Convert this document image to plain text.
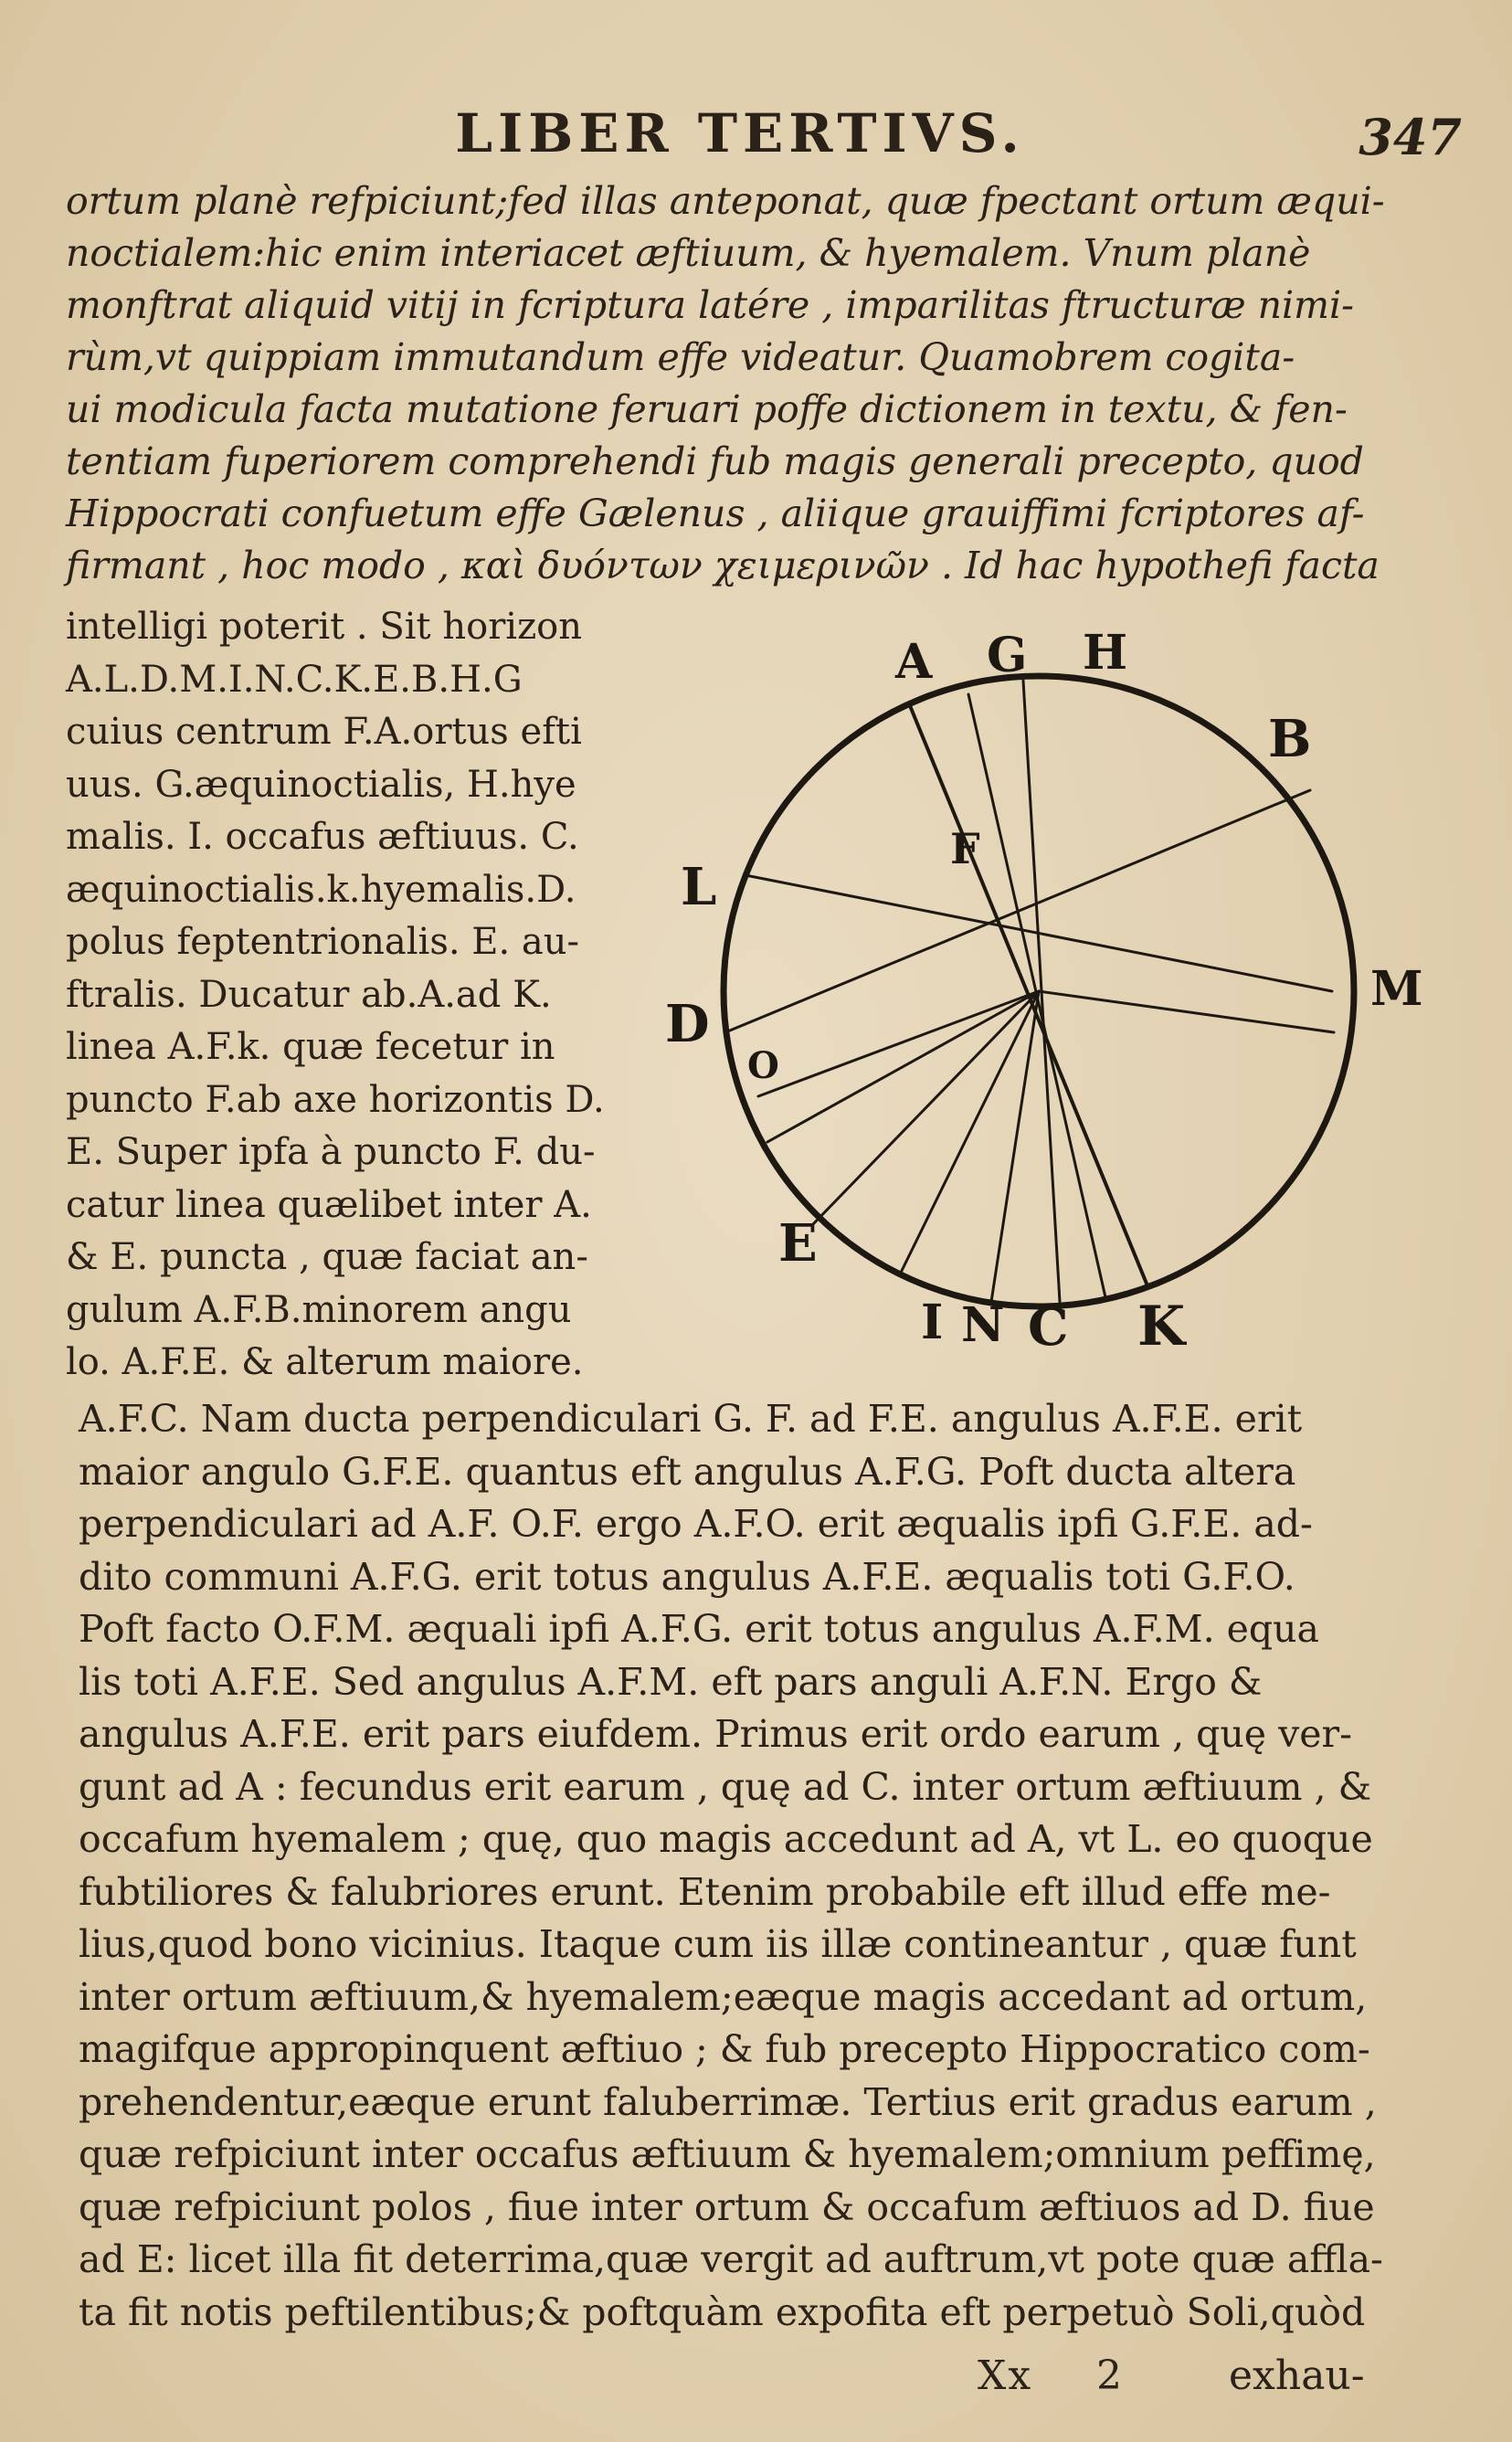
LIBER TERTIVS.	347
ortum planè refpiciunt;fed illas anteponat, quæ fpectant ortum æqui-
noctialem:hic enim interiacet æftiuum, & hyemalem. Vnum planè
monftrat aliquid vitij in fcriptura latére , imparilitas ftructuræ nimi-
rùm,vt quippiam immutandum effe videatur. Quamobrem cogita-
ui modicula facta mutatione feruari poffe dictionem in textu, & fen-
tentiam fuperiorem comprehendi fub magis generali precepto, quod
Hippocrati confuetum effe Gælenus , aliique grauiffimi fcriptores af-
firmant , hoc modo , καὶ δυόντων χειμερινῶν . Id hac hypothefi facta
intelligi poterit . Sit horizon
A.L.D.M.I.N.C.K.E.B.H.G
cuius centrum F.A.ortus efti
uus. G.æquinoctialis, H.hye
malis. I. occafus æftiuus. C.
æquinoctialis.k.hyemalis.D.
polus feptentrionalis. E. au-
ftralis. Ducatur ab.A.ad K.
linea A.F.k. quæ fecetur in
puncto F.ab axe horizontis D.
E. Super ipfa à puncto F. du-
catur linea quælibet inter A.
& E. puncta , quæ faciat an-
gulum A.F.B.minorem angu
lo. A.F.E. & alterum maiore.
A G H
B
L
F
M
D
O
E
I N C K
A.F.C. Nam ducta perpendiculari G. F. ad F.E. angulus A.F.E. erit
maior angulo G.F.E. quantus eft angulus A.F.G. Poft ducta altera
perpendiculari ad A.F. O.F. ergo A.F.O. erit æqualis ipfi G.F.E. ad-
dito communi A.F.G. erit totus angulus A.F.E. æqualis toti G.F.O.
Poft facto O.F.M. æquali ipfi A.F.G. erit totus angulus A.F.M. equa
lis toti A.F.E. Sed angulus A.F.M. eft pars anguli A.F.N. Ergo &
angulus A.F.E. erit pars eiufdem. Primus erit ordo earum , quę ver-
gunt ad A : fecundus erit earum , quę ad C. inter ortum æftiuum , &
occafum hyemalem ; quę, quo magis accedunt ad A, vt L. eo quoque
fubtiliores & falubriores erunt. Etenim probabile eft illud effe me-
lius,quod bono vicinius. Itaque cum iis illæ contineantur , quæ funt
inter ortum æftiuum,& hyemalem;eæque magis accedant ad ortum,
magifque appropinquent æftiuo ; & fub precepto Hippocratico com-
prehendentur,eæque erunt faluberrimæ. Tertius erit gradus earum ,
quæ refpiciunt inter occafus æftiuum & hyemalem;omnium peffimę,
quæ refpiciunt polos , fiue inter ortum & occafum æftiuos ad D. fiue
ad E: licet illa fit deterrima,quæ vergit ad auftrum,vt pote quæ affla-
ta fit notis peftilentibus;& poftquàm expofita eft perpetuò Soli,quòd
Xx 2	exhau-
